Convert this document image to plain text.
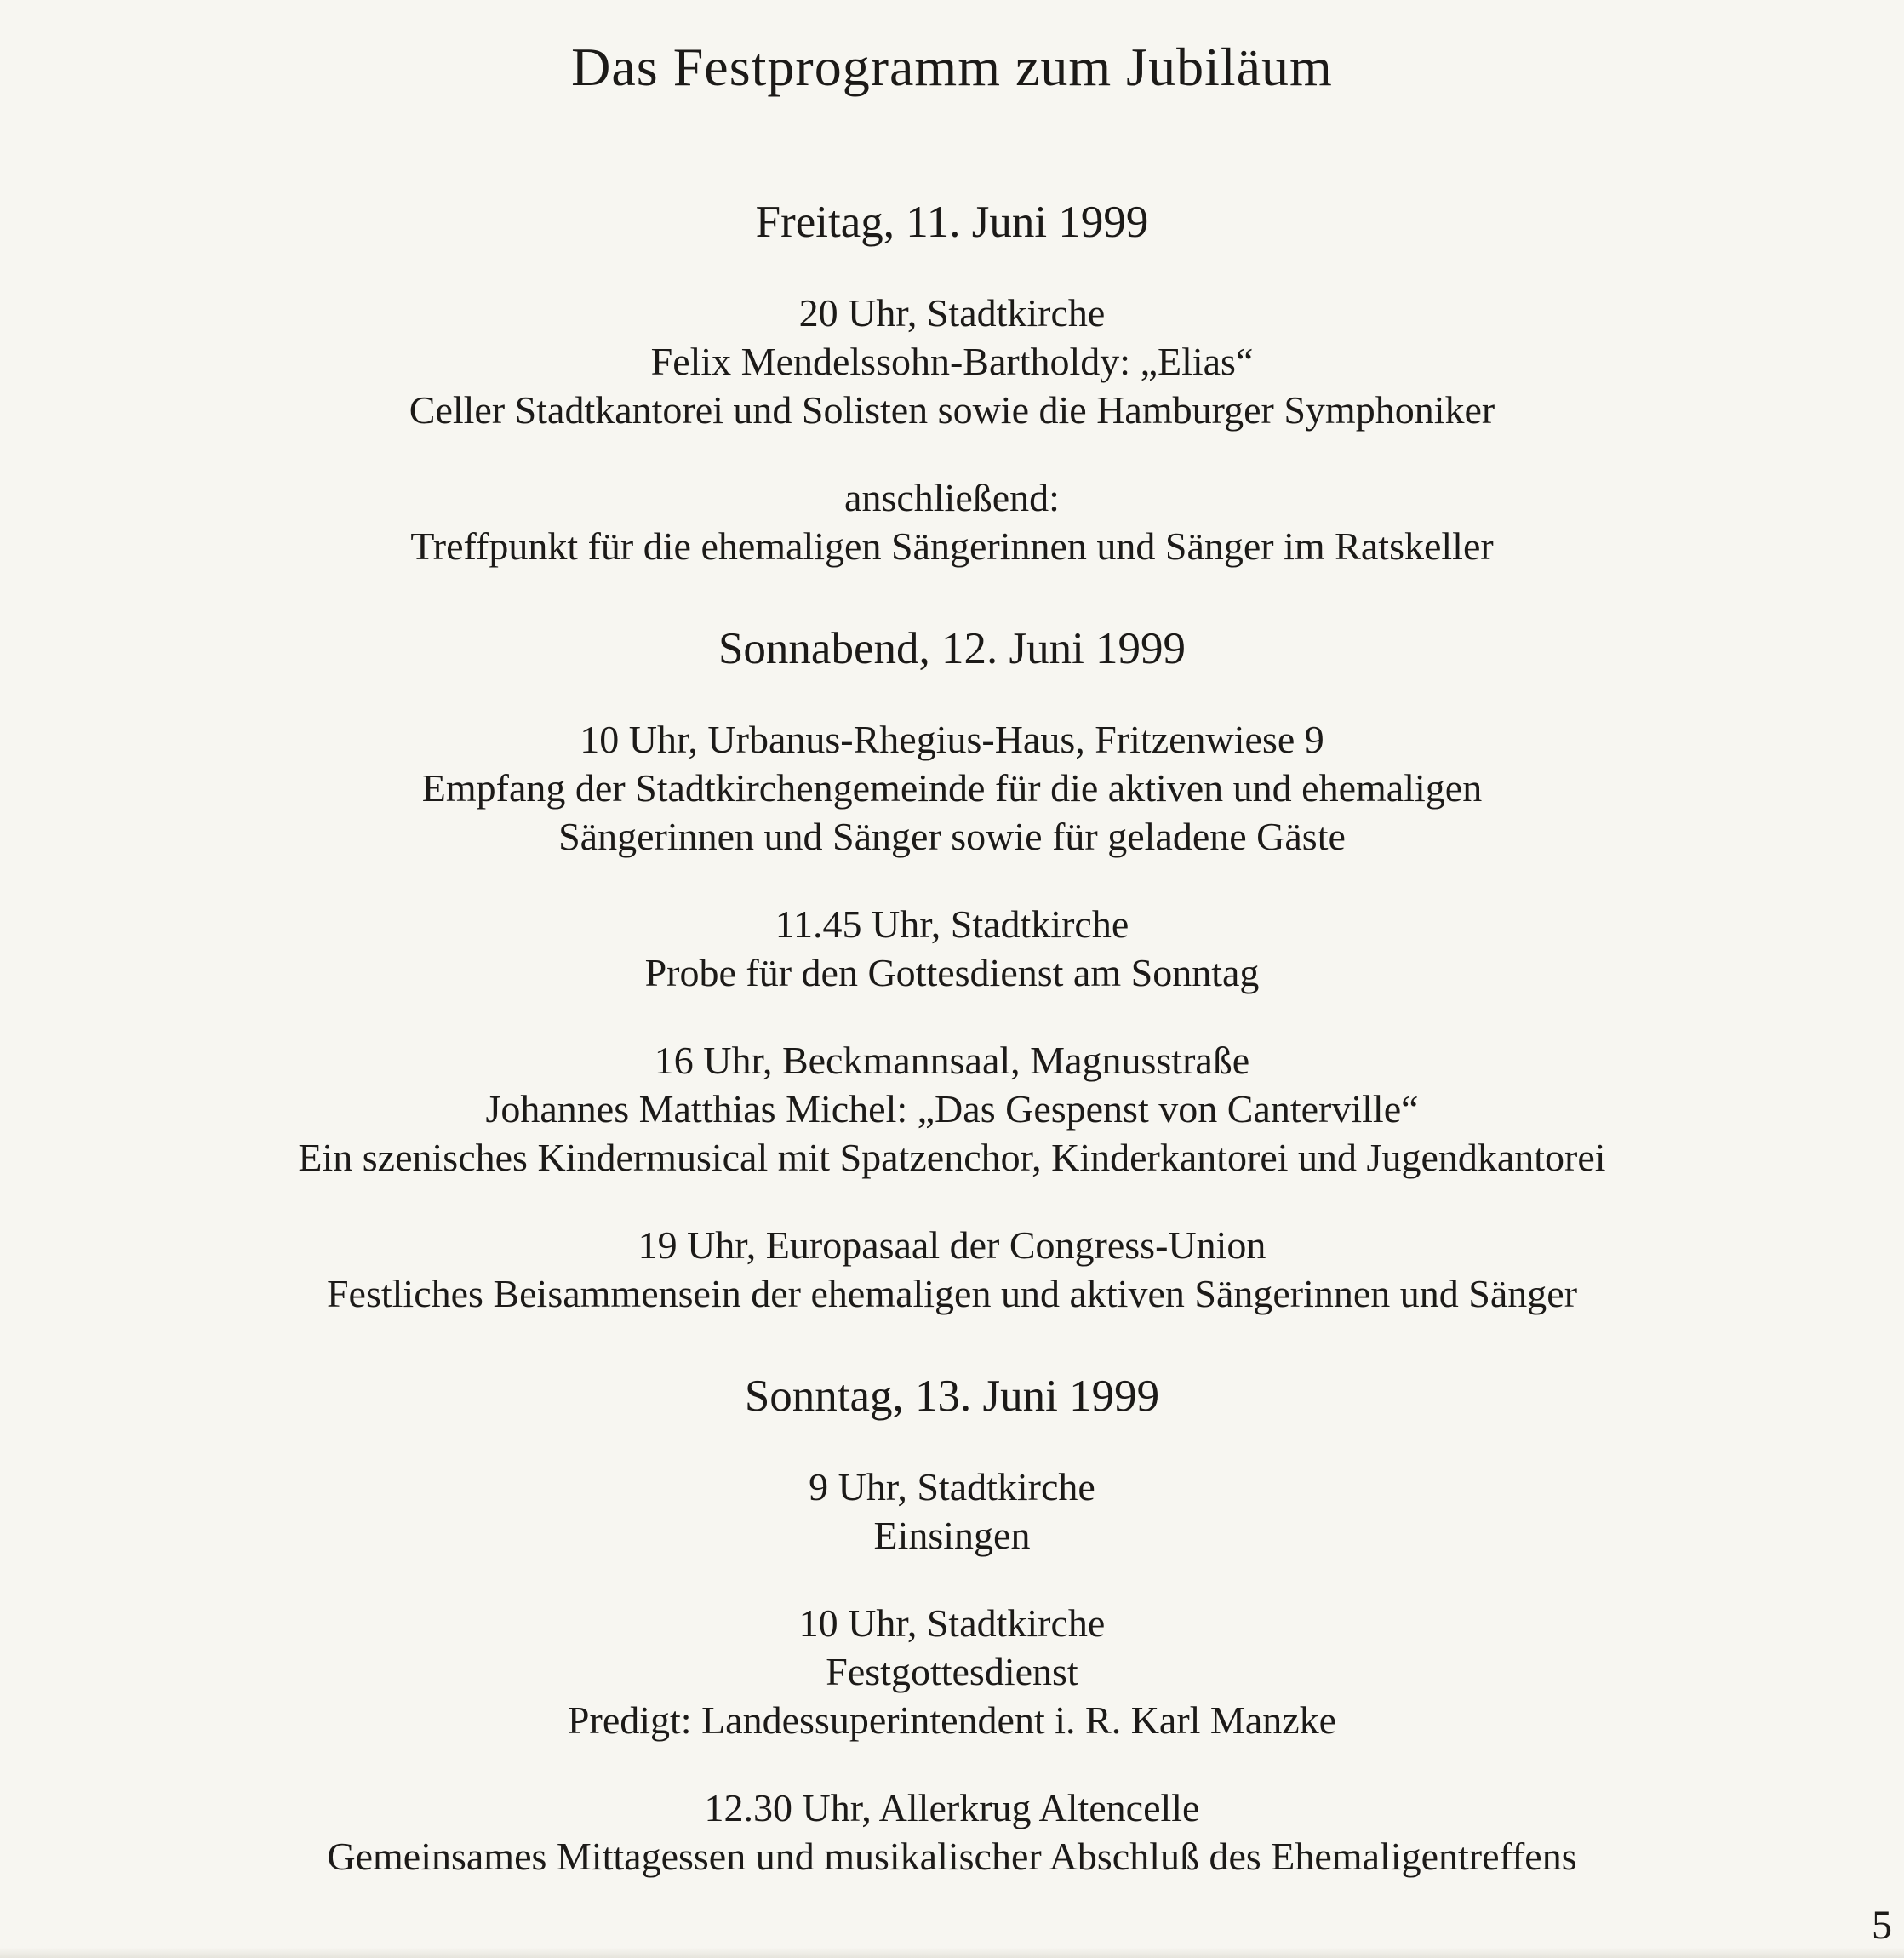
Das Festprogramm zum Jubiläum
Freitag, 11. Juni 1999
20 Uhr, Stadtkirche
Felix Mendelssohn-Bartholdy: „Elias“
Celler Stadtkantorei und Solisten sowie die Hamburger Symphoniker
anschließend:
Treffpunkt für die ehemaligen Sängerinnen und Sänger im Ratskeller
Sonnabend, 12. Juni 1999
10 Uhr, Urbanus-Rhegius-Haus, Fritzenwiese 9
Empfang der Stadtkirchengemeinde für die aktiven und ehemaligen
Sängerinnen und Sänger sowie für geladene Gäste
11.45 Uhr, Stadtkirche
Probe für den Gottesdienst am Sonntag
16 Uhr, Beckmannsaal, Magnusstraße
Johannes Matthias Michel: „Das Gespenst von Canterville“
Ein szenisches Kindermusical mit Spatzenchor, Kinderkantorei und Jugendkantorei
19 Uhr, Europasaal der Congress-Union
Festliches Beisammensein der ehemaligen und aktiven Sängerinnen und Sänger
Sonntag, 13. Juni 1999
9 Uhr, Stadtkirche
Einsingen
10 Uhr, Stadtkirche
Festgottesdienst
Predigt: Landessuperintendent i. R. Karl Manzke
12.30 Uhr, Allerkrug Altencelle
Gemeinsames Mittagessen und musikalischer Abschluß des Ehemaligentreffens
5
